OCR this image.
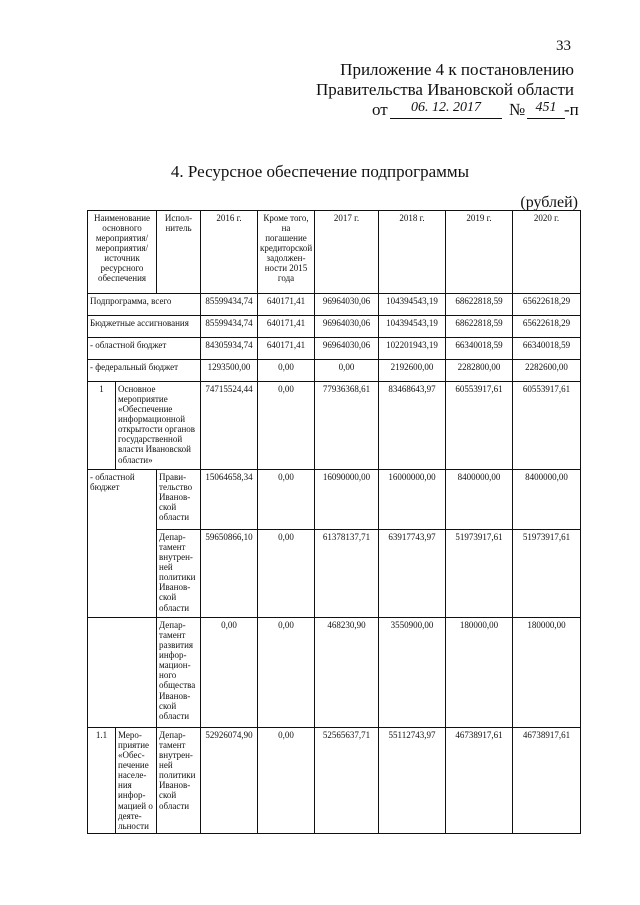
33
Приложение 4 к постановлению
Правительства Ивановской области
от	06. 12. 2017	№ 451 -п
4. Ресурсное обеспечение подпрограммы
(рублей)
Наименование основного мероприятия/ мероприятия/ источник ресурсного обеспечения		Испол-нитель	2016 г.	Кроме того, на погашение кредиторской задолжен-ности 2015 года	2017 г.	2018 г.	2019 г.	2020 г.
Подпрограмма, всего			85599434,74	640171,41	96964030,06	104394543,19	68622818,59	65622618,29
Бюджетные ассигнования			85599434,74	640171,41	96964030,06	104394543,19	68622818,59	65622618,29
- областной бюджет			84305934,74	640171,41	96964030,06	102201943,19	66340018,59	66340018,59
- федеральный бюджет			1293500,00	0,00	0,00	2192600,00	2282800,00	2282600,00
1	Основное мероприятие «Обеспечение информационной открытости органов государственной власти Ивановской области»		74715524,44	0,00	77936368,61	83468643,97	60553917,61	60553917,61
- областной бюджет		Прави-тельство Иванов-ской области	15064658,34	0,00	16090000,00	16000000,00	8400000,00	8400000,00
		Депар-тамент внутрен-ней политики Иванов-ской области	59650866,10	0,00	61378137,71	63917743,97	51973917,61	51973917,61
		Депар-тамент развития инфор-мацион-ного общества Иванов-ской области	0,00	0,00	468230,90	3550900,00	180000,00	180000,00
1.1	Меро-приятие «Обес-печение населе-ния инфор-мацией о деяте-льности	Депар-тамент внутрен-ней политики Иванов-ской области	52926074,90	0,00	52565637,71	55112743,97	46738917,61	46738917,61
